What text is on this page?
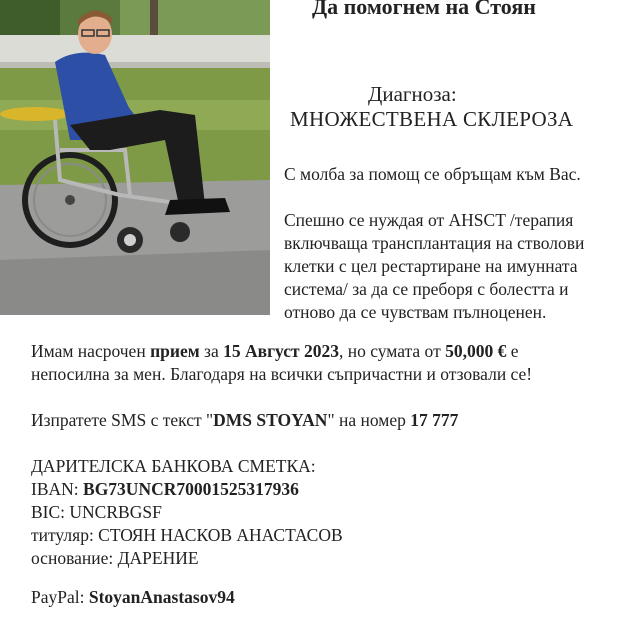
Да помогнем на Стоян
Диагноза:
МНОЖЕСТВЕНА СКЛЕРОЗА
С молба за помощ се обръщам към Вас.
Спешно се нуждая от AHSCT /терапия
включваща трансплантация на стволови
клетки с цел рестартиране на имунната
система/ за да се преборя с болестта и
отново да се чувствам пълноценен.
Имам насрочен прием за 15 Август 2023, но сумата от 50,000 € е
непосилна за мен. Благодаря на всички съпричастни и отзовали се!
Изпратете SMS с текст "DMS STOYAN" на номер 17 777
ДАРИТЕЛСКА БАНКОВА СМЕТКА:
IBAN: BG73UNCR70001525317936
BIC: UNCRBGSF
титуляр: СТОЯН НАСКОВ АНАСТАСОВ
основание: ДАРЕНИЕ
PayPal: StoyanAnastasov94
